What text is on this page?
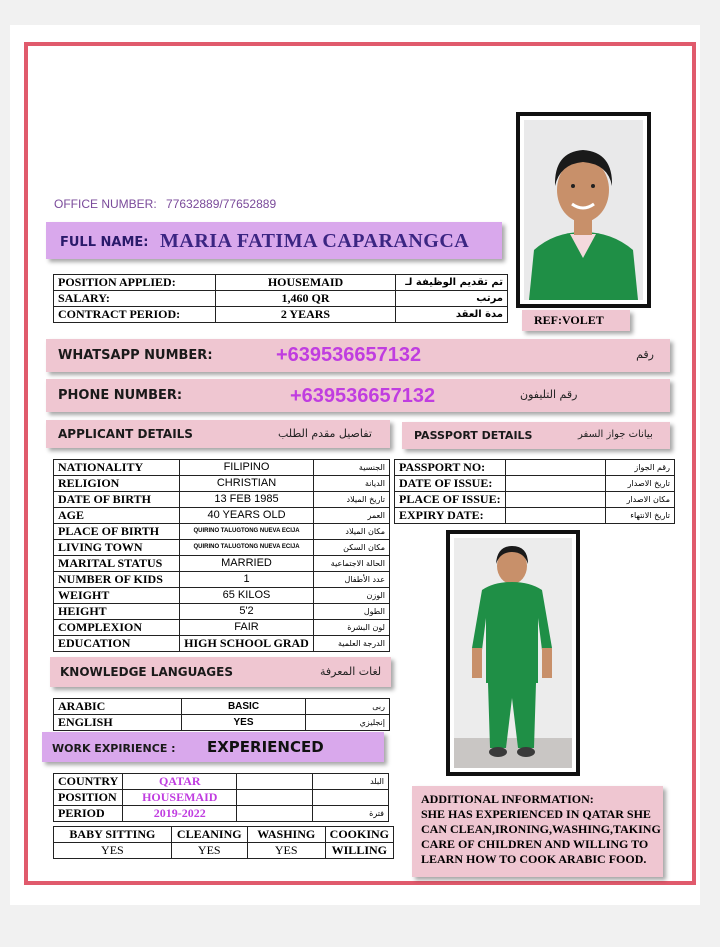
OFFICE NUMBER: 77632889/77652889
FULL NAME: MARIA FATIMA CAPARANGCA
POSITION APPLIED:	HOUSEMAID	تم تقديم الوظيفة لـ
SALARY:	1,460 QR	مرتب
CONTRACT PERIOD:	2 YEARS	مدة العقد	REF:VOLET
WHATSAPP NUMBER:	+639536657132	رقم
PHONE NUMBER:	+639536657132	رقم التليفون
APPLICANT DETAILS	تفاصيل مقدم الطلب	PASSPORT DETAILS	بيانات جواز السفر
NATIONALITY	FILIPINO	الجنسية
RELIGION	CHRISTIAN	الديانة
DATE OF BIRTH	13 FEB 1985	تاريخ الميلاد
AGE	40 YEARS OLD	العمر
PLACE OF BIRTH	QUIRINO TALUGTONG NUEVA ECIJA	مكان الميلاد
LIVING TOWN	QUIRINO TALUGTONG NUEVA ECIJA	مكان السكن
MARITAL STATUS	MARRIED	الحالة الاجتماعية
NUMBER OF KIDS	1	عدد الأطفال
WEIGHT	65 KILOS	الوزن
HEIGHT	5'2	الطول
COMPLEXION	FAIR	لون البشرة
EDUCATION	HIGH SCHOOL GRAD	الدرجة العلمية
PASSPORT NO:		رقم الجواز
DATE OF ISSUE:		تاريخ الاصدار
PLACE OF ISSUE:		مكان الاصدار
EXPIRY DATE:		تاريخ الانتهاء
KNOWLEDGE LANGUAGES	لغات المعرفة
ARABIC	BASIC	ربى
ENGLISH	YES	إنجليزي
WORK EXPIRIENCE : EXPERIENCED
COUNTRY	QATAR		البلد
POSITION	HOUSEMAID		
PERIOD	2019-2022		فترة
BABY SITTING	CLEANING	WASHING	COOKING
YES	YES	YES	WILLING
ADDITIONAL INFORMATION:
SHE HAS EXPERIENCED IN QATAR SHE
CAN CLEAN,IRONING,WASHING,TAKING
CARE OF CHILDREN AND WILLING TO
LEARN HOW TO COOK ARABIC FOOD.
